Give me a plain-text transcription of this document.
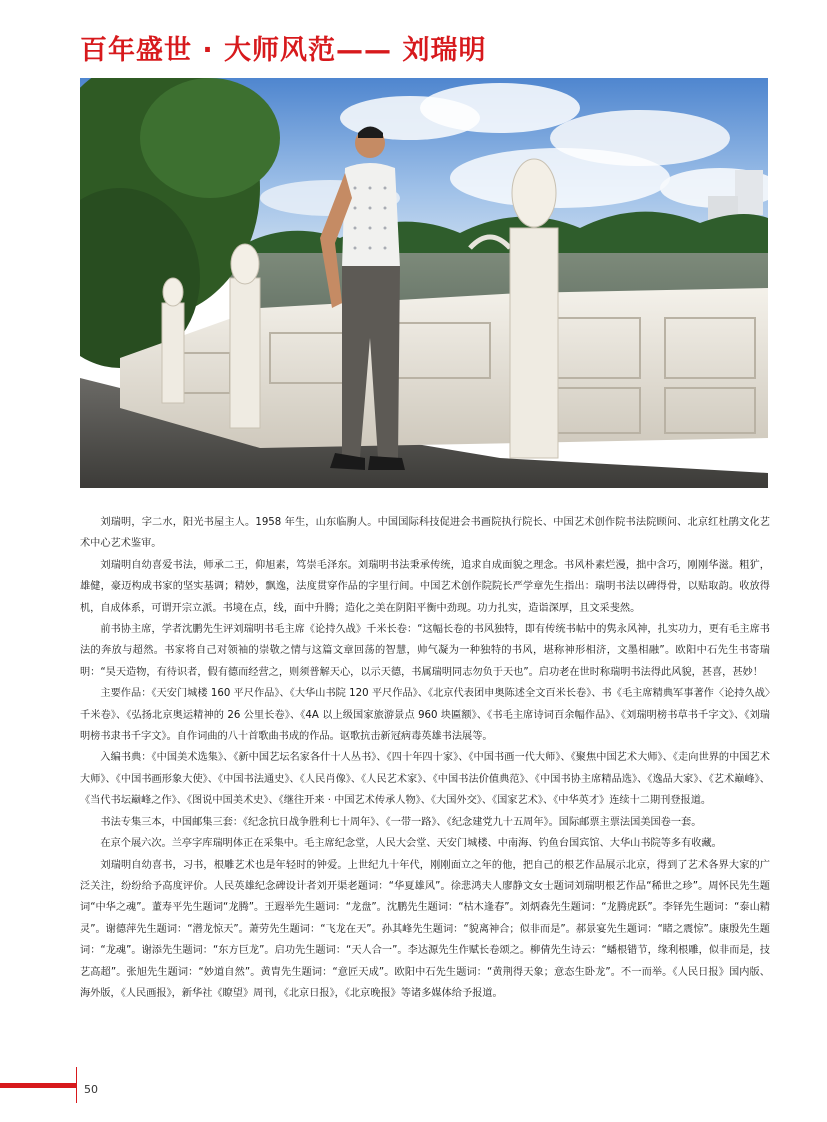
百年盛世 · 大师风范—— 刘瑞明

刘瑞明，字二水，阳光书屋主人。1958 年生，山东临朐人。中国国际科技促进会书画院执行院长、中国艺术创作院书法院顾问、北京红杜鹃文化艺术中心艺术鉴审。

刘瑞明自幼喜爱书法，师承二王，仰旭素，笃崇毛泽东。刘瑞明书法秉承传统，追求自成面貌之理念。书风朴素烂漫，拙中含巧，刚刚华滋。粗犷，雄健，豪迈构成书家的坚实基调；精妙，飘逸，法度贯穿作品的字里行间。中国艺术创作院院长严学章先生指出：瑞明书法以碑得骨，以贴取韵。收放得机，自成体系，可谓开宗立派。书境在点，线，面中升腾；造化之美在阴阳平衡中劲现。功力扎实，造诣深厚，且文采斐然。

前书协主席，学者沈鹏先生评刘瑞明书毛主席《论持久战》千米长卷：“这幅长卷的书风独特，即有传统书帖中的隽永风神，扎实功力，更有毛主席书法的奔放与超然。书家将自己对领袖的崇敬之情与这篇文章回荡的智慧，帅气凝为一种独特的书风，堪称神形相济，文墨相融”。欧阳中石先生书寄瑞明：“昊天造物，有待识者，假有德而经营之，则须普解天心，以示天德，书属瑞明同志勿负于天也”。启功老在世时称瑞明书法得此风貌，甚喜，甚妙！

主要作品：《天安门城楼 160 平尺作品》、《大华山书院 120 平尺作品》、《北京代表团申奥陈述全文百米长卷》、书《毛主席精典军事著作〈论持久战〉千米卷》、《弘扬北京奥运精神的 26 公里长卷》、《4A 以上级国家旅游景点 960 块匾额》、《书毛主席诗词百余幅作品》、《刘瑞明榜书草书千字文》、《刘瑞明榜书隶书千字文》。自作词曲的八十首歌曲书成的作品。讴歌抗击新冠病毒英雄书法展等。

入编书典：《中国美术选集》、《新中国艺坛名家各什十人丛书》、《四十年四十家》、《中国书画一代大师》、《聚焦中国艺术大师》、《走向世界的中国艺术大师》、《中国书画形象大使》、《中国书法通史》、《人民肖像》、《人民艺术家》、《中国书法价值典范》、《中国书协主席精品选》、《逸品大家》、《艺术巅峰》、《当代书坛巅峰之作》、《图说中国美术史》、《继往开来 · 中国艺术传承人物》、《大国外交》、《国家艺术》、《中华英才》连续十二期刊登报道。

书法专集三本，中国邮集三套：《纪念抗日战争胜利七十周年》、《一带一路》、《纪念建党九十五周年》。国际邮票主票法国美国卷一套。

在京个展六次。兰亭字库瑞明体正在采集中。毛主席纪念堂，人民大会堂、天安门城楼、中南海、钓鱼台国宾馆、大华山书院等多有收藏。

刘瑞明自幼喜书，习书，根雕艺术也是年轻时的钟爱。上世纪九十年代，刚刚面立之年的他，把自己的根艺作品展示北京，得到了艺术各界大家的广泛关注，纷纷给予高度评价。人民英雄纪念碑设计者刘开渠老题词：“华夏雄风”。徐悲鸿夫人廖静文女士题词刘瑞明根艺作品“稀世之珍”。周怀民先生题词“中华之魂”。董寿平先生题词“龙腾”。王遐举先生题词：“龙盘”。沈鹏先生题词：“枯木逢春”。刘炳森先生题词：“龙腾虎跃”。李铎先生题词：“泰山精灵”。谢德萍先生题词：“潜龙惊天”。萧劳先生题词：“飞龙在天”。孙其峰先生题词：“貌离神合；似非而是”。郝景宴先生题词：“睹之震惊”。康殷先生题词：“龙魂”。谢添先生题词：“东方巨龙”。启功先生题词：“天人合一”。李达源先生作赋长卷颂之。柳倩先生诗云：“蟠根错节，缘利根雕，似非而是，技艺高超”。张旭先生题词：“妙道自然”。黄胄先生题词：“意匠天成”。欧阳中石先生题词：“黄荆得天象；意态生卧龙”。不一而举。《人民日报》国内版、海外版，《人民画报》，新华社《瞭望》周刊，《北京日报》，《北京晚报》等诸多媒体给予报道。

50
